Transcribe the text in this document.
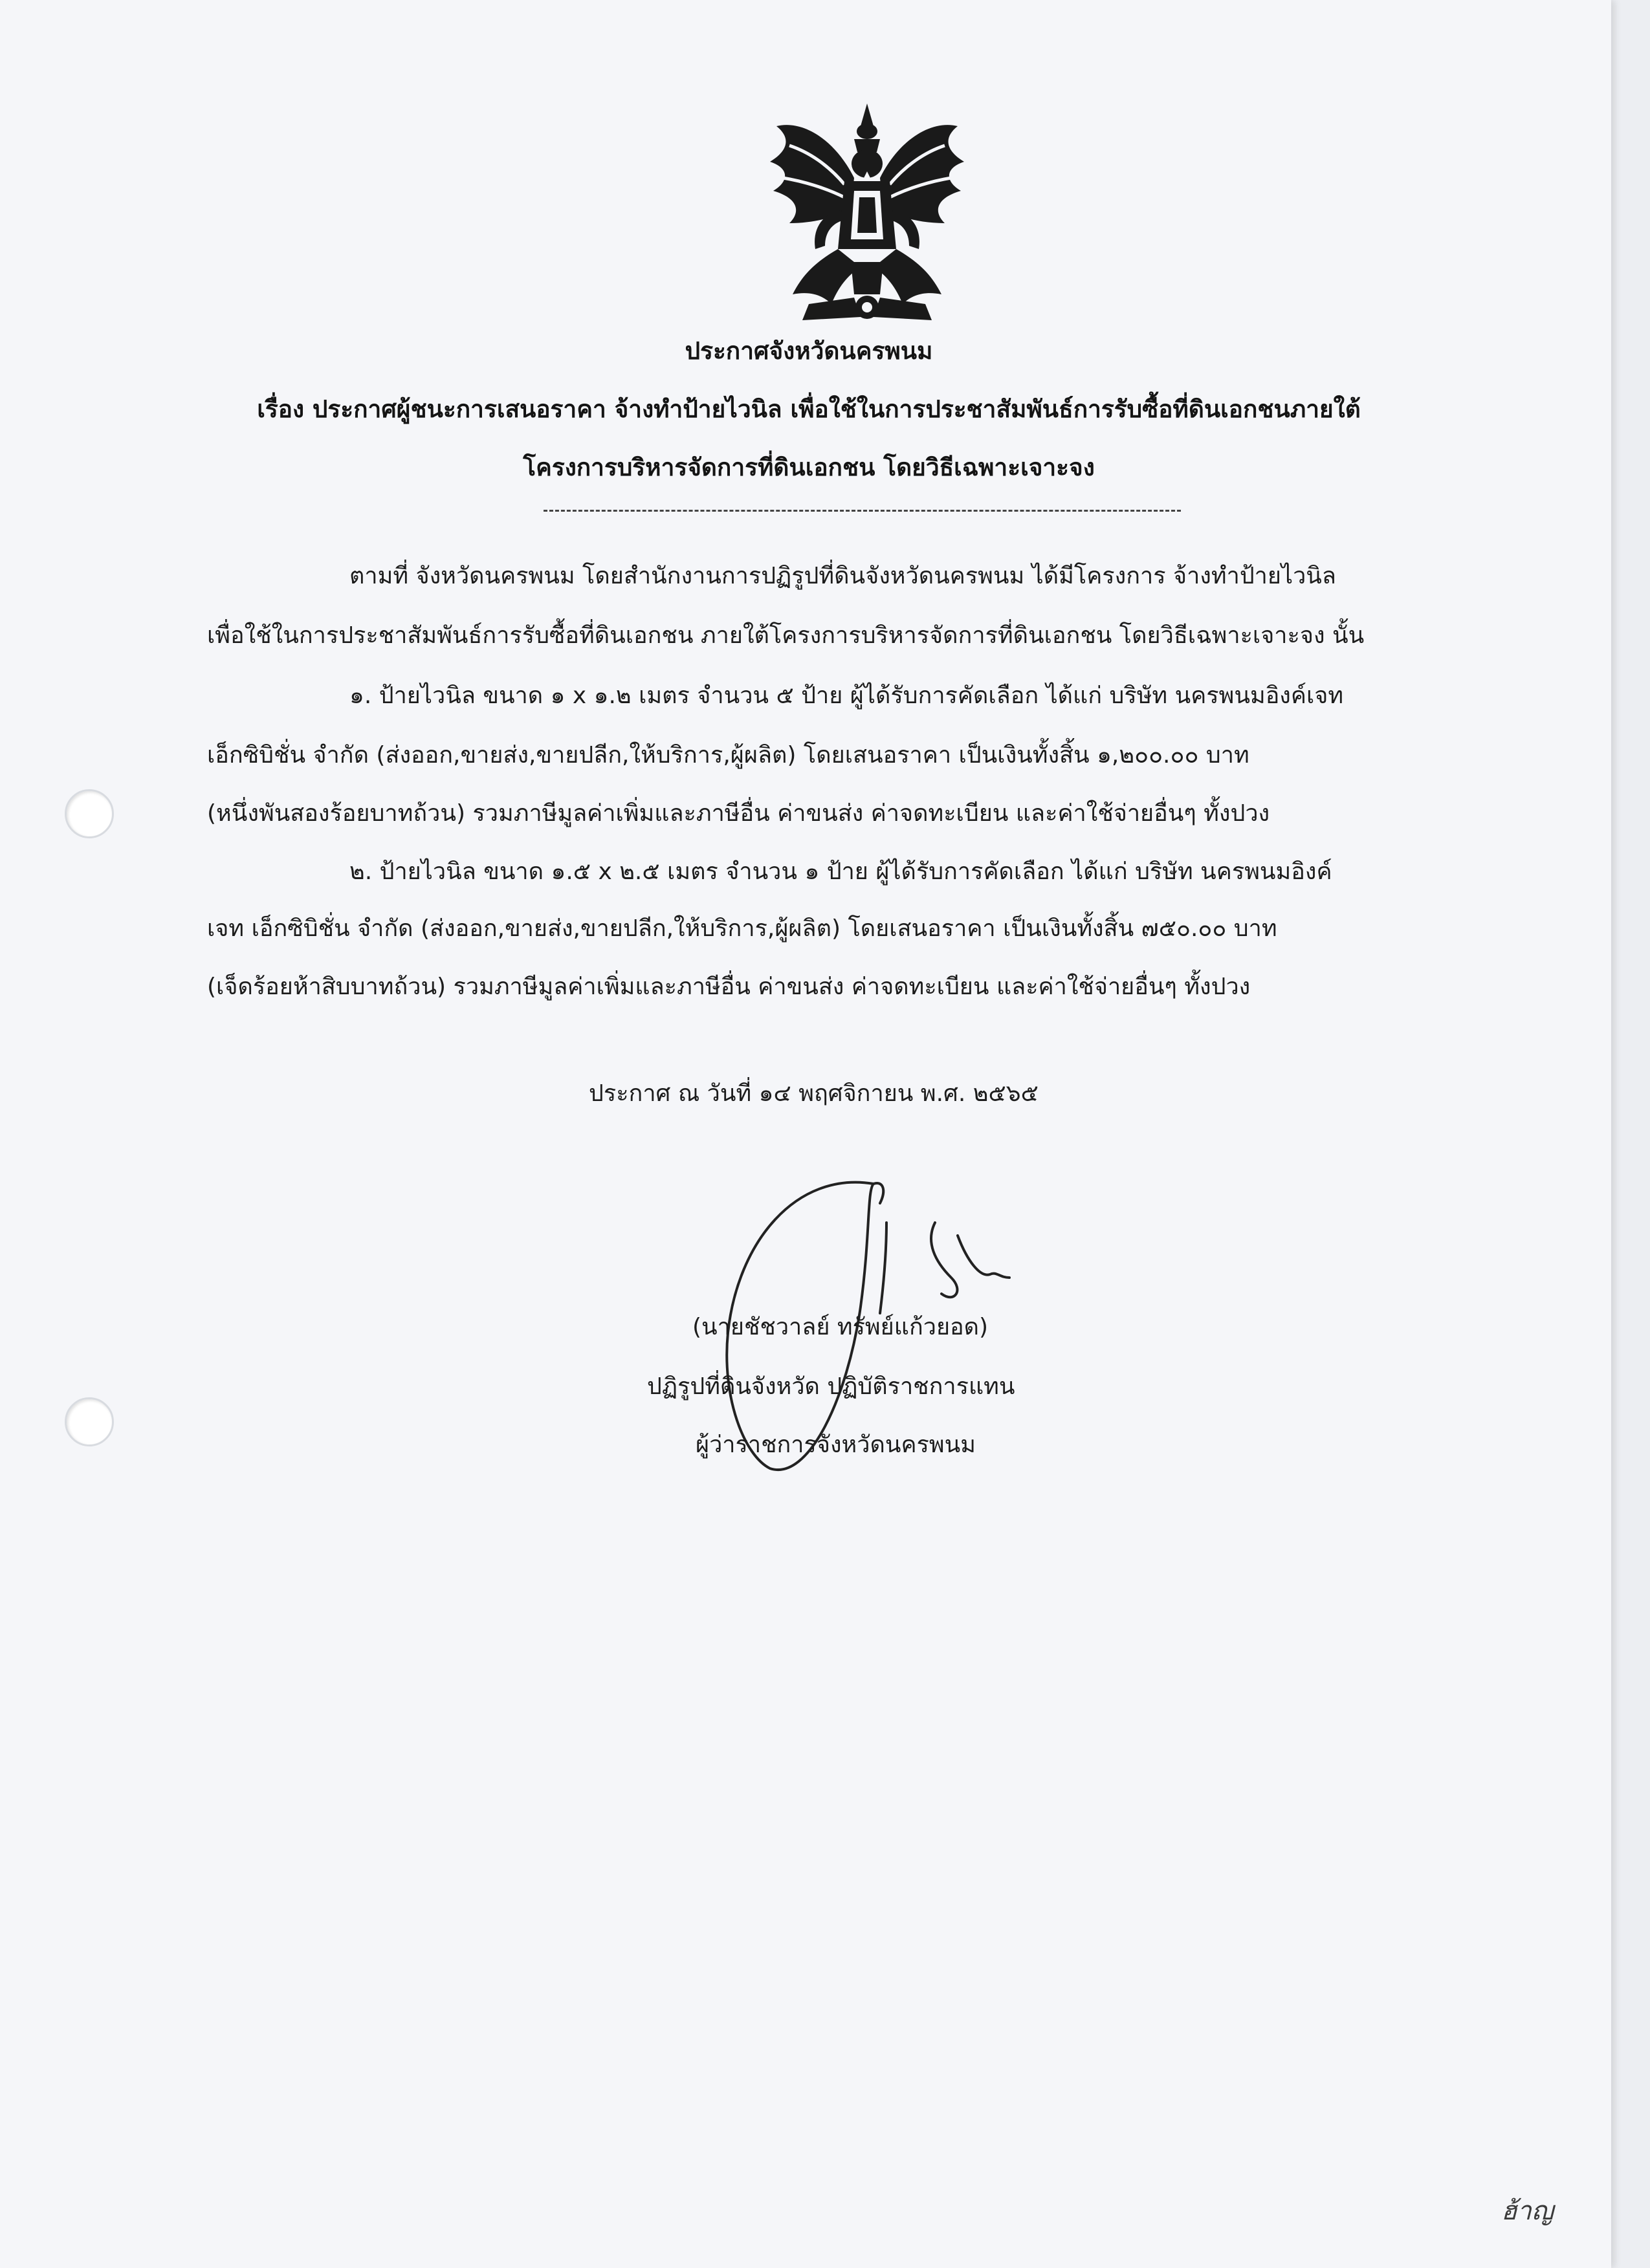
ประกาศจังหวัดนครพนม
เรื่อง ประกาศผู้ชนะการเสนอราคา จ้างทำป้ายไวนิล เพื่อใช้ในการประชาสัมพันธ์การรับซื้อที่ดินเอกชนภายใต้
โครงการบริหารจัดการที่ดินเอกชน โดยวิธีเฉพาะเจาะจง
ตามที่ จังหวัดนครพนม โดยสำนักงานการปฏิรูปที่ดินจังหวัดนครพนม ได้มีโครงการ จ้างทำป้ายไวนิล
เพื่อใช้ในการประชาสัมพันธ์การรับซื้อที่ดินเอกชน ภายใต้โครงการบริหารจัดการที่ดินเอกชน โดยวิธีเฉพาะเจาะจง นั้น
๑. ป้ายไวนิล ขนาด ๑ x ๑.๒ เมตร จำนวน ๕ ป้าย ผู้ได้รับการคัดเลือก ได้แก่ บริษัท นครพนมอิงค์เจท
เอ็กซิบิชั่น จำกัด (ส่งออก,ขายส่ง,ขายปลีก,ให้บริการ,ผู้ผลิต) โดยเสนอราคา เป็นเงินทั้งสิ้น ๑,๒๐๐.๐๐ บาท
(หนึ่งพันสองร้อยบาทถ้วน) รวมภาษีมูลค่าเพิ่มและภาษีอื่น ค่าขนส่ง ค่าจดทะเบียน และค่าใช้จ่ายอื่นๆ ทั้งปวง
๒. ป้ายไวนิล ขนาด ๑.๕ x ๒.๕ เมตร จำนวน ๑ ป้าย ผู้ได้รับการคัดเลือก ได้แก่ บริษัท นครพนมอิงค์
เจท เอ็กซิบิชั่น จำกัด (ส่งออก,ขายส่ง,ขายปลีก,ให้บริการ,ผู้ผลิต) โดยเสนอราคา เป็นเงินทั้งสิ้น ๗๕๐.๐๐ บาท
(เจ็ดร้อยห้าสิบบาทถ้วน) รวมภาษีมูลค่าเพิ่มและภาษีอื่น ค่าขนส่ง ค่าจดทะเบียน และค่าใช้จ่ายอื่นๆ ทั้งปวง
ประกาศ ณ วันที่ ๑๔ พฤศจิกายน พ.ศ. ๒๕๖๕
(นายชัชวาลย์ ทรัพย์แก้วยอด)
ปฏิรูปที่ดินจังหวัด ปฏิบัติราชการแทน
ผู้ว่าราชการจังหวัดนครพนม
ฮ้าญ
